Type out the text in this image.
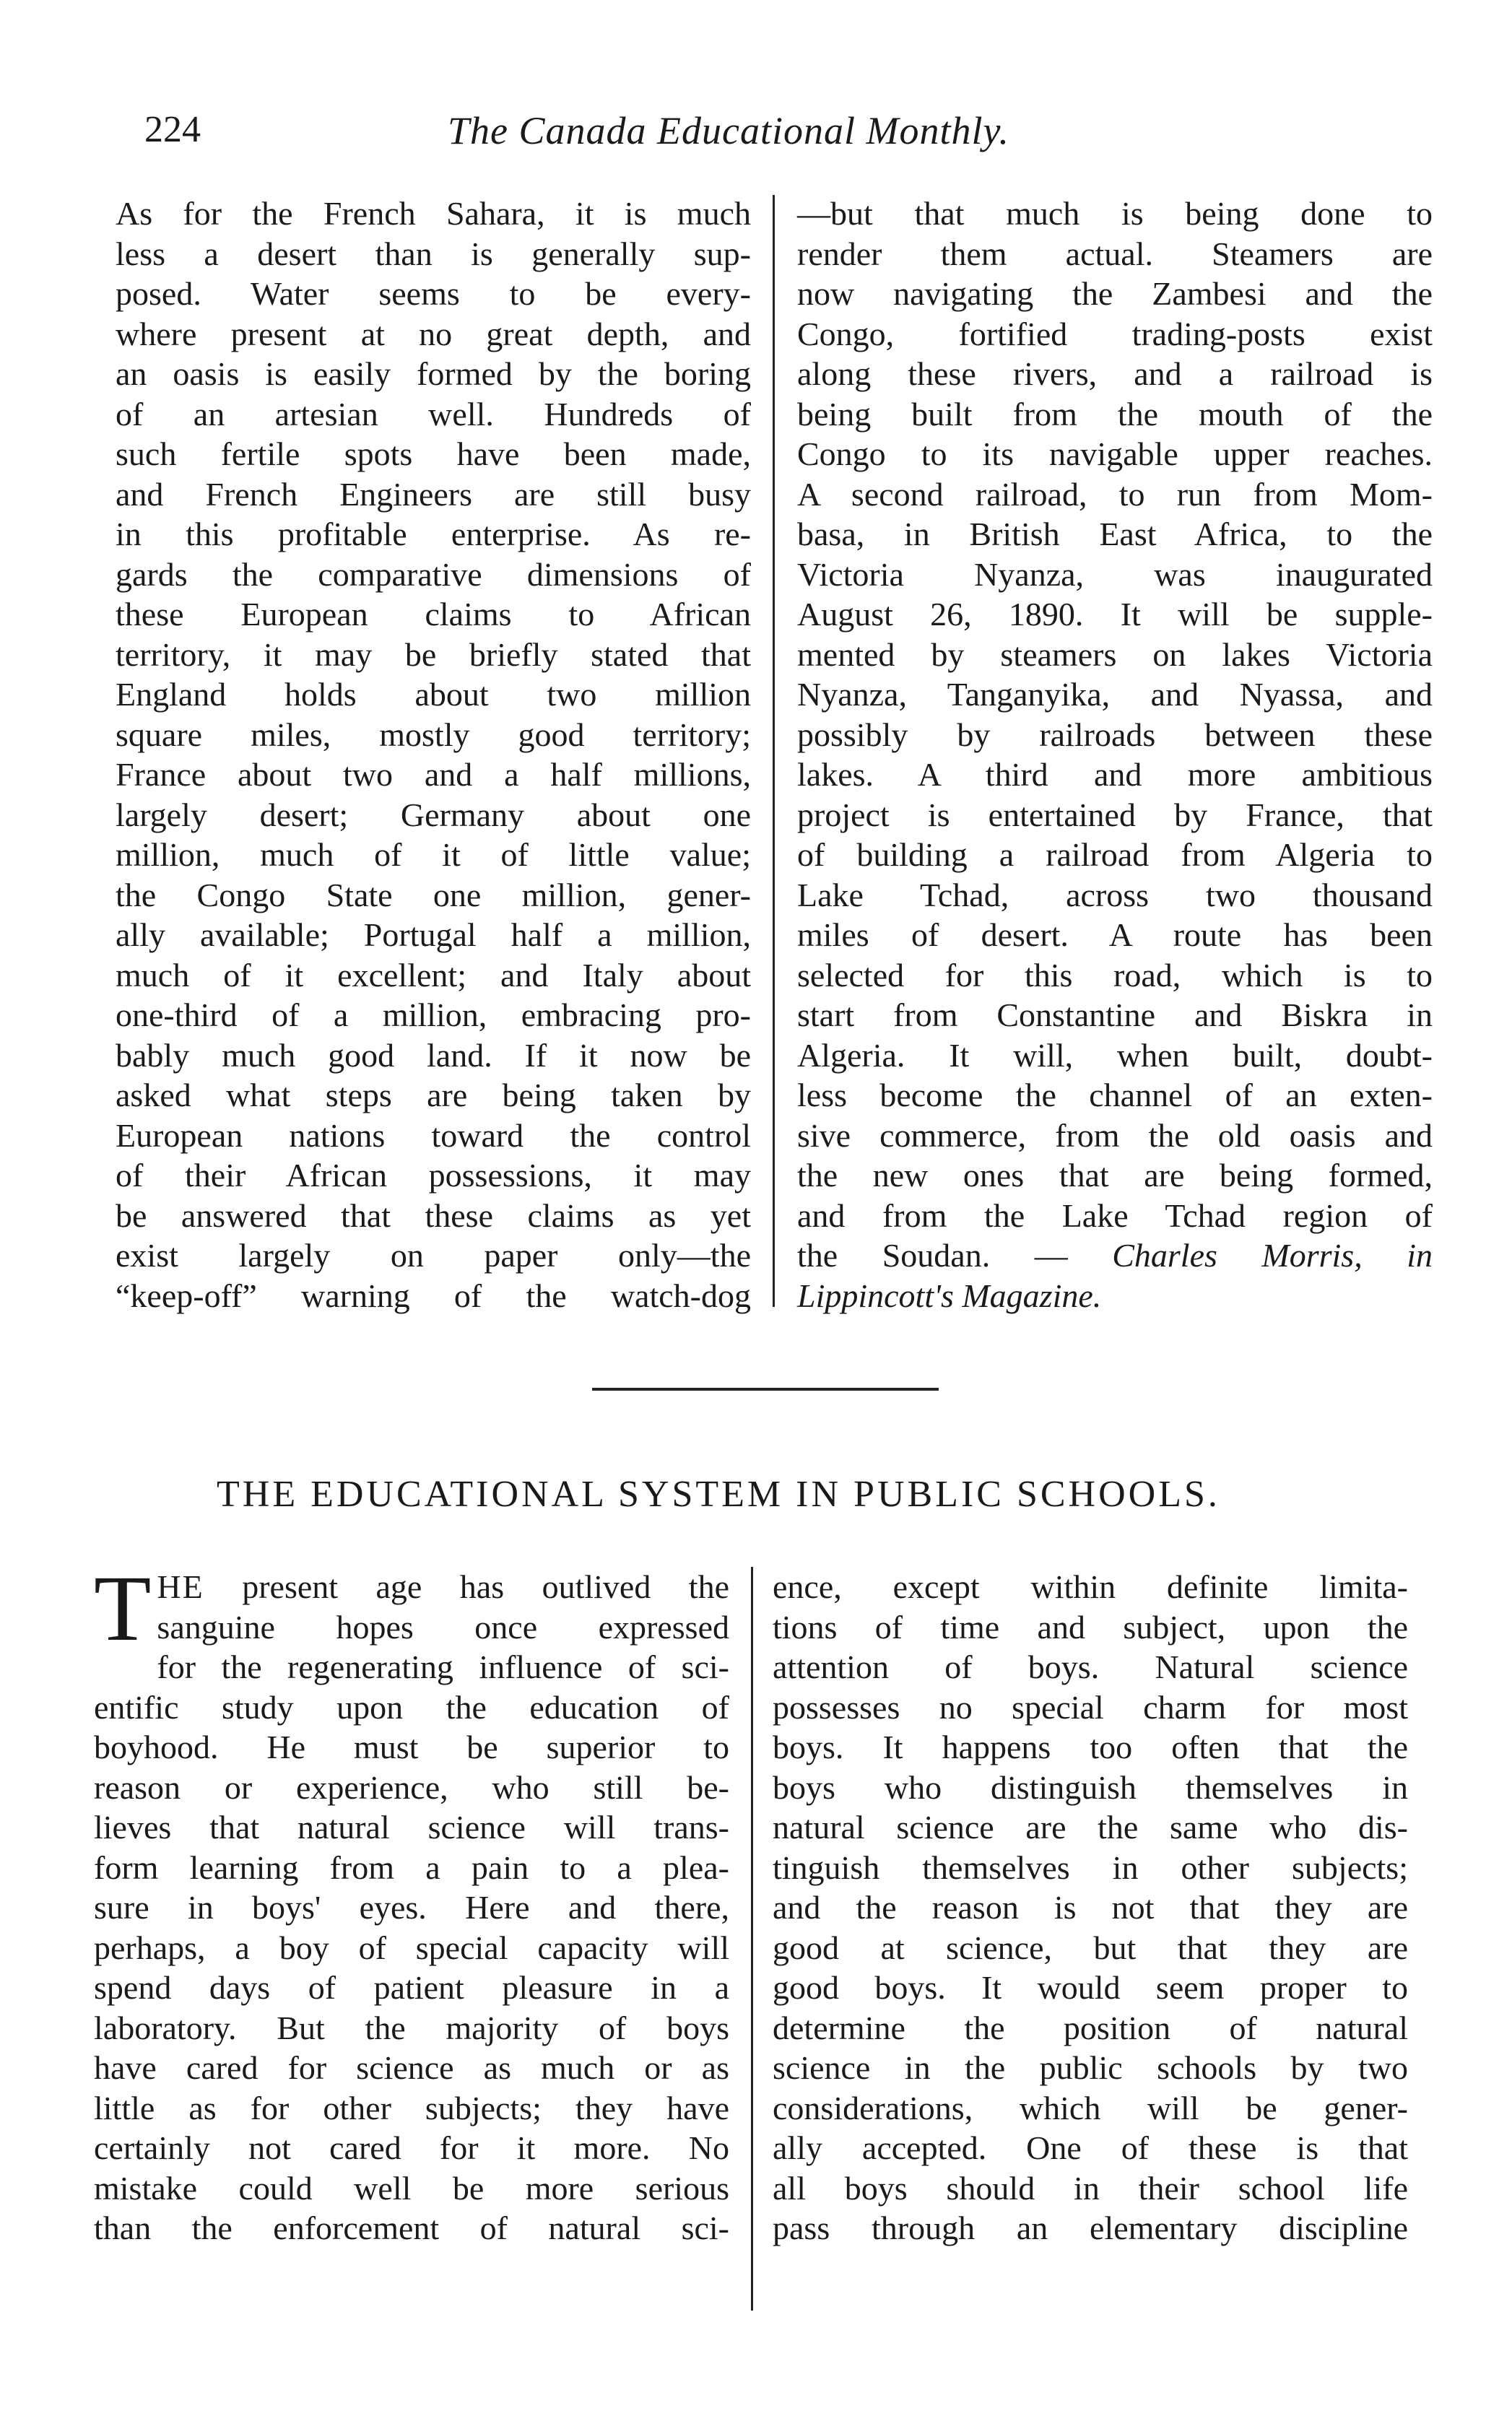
224	The Canada Educational Monthly.

As for the French Sahara, it is much
less a desert than is generally sup-
posed. Water seems to be every-
where present at no great depth, and
an oasis is easily formed by the boring
of an artesian well. Hundreds of
such fertile spots have been made,
and French Engineers are still busy
in this profitable enterprise. As re-
gards the comparative dimensions of
these European claims to African
territory, it may be briefly stated that
England holds about two million
square miles, mostly good territory;
France about two and a half millions,
largely desert; Germany about one
million, much of it of little value;
the Congo State one million, gener-
ally available; Portugal half a million,
much of it excellent; and Italy about
one-third of a million, embracing pro-
bably much good land. If it now be
asked what steps are being taken by
European nations toward the control
of their African possessions, it may
be answered that these claims as yet
exist largely on paper only—the
“keep-off” warning of the watch-dog

—but that much is being done to
render them actual. Steamers are
now navigating the Zambesi and the
Congo, fortified trading-posts exist
along these rivers, and a railroad is
being built from the mouth of the
Congo to its navigable upper reaches.
A second railroad, to run from Mom-
basa, in British East Africa, to the
Victoria Nyanza, was inaugurated
August 26, 1890. It will be supple-
mented by steamers on lakes Victoria
Nyanza, Tanganyika, and Nyassa, and
possibly by railroads between these
lakes. A third and more ambitious
project is entertained by France, that
of building a railroad from Algeria to
Lake Tchad, across two thousand
miles of desert. A route has been
selected for this road, which is to
start from Constantine and Biskra in
Algeria. It will, when built, doubt-
less become the channel of an exten-
sive commerce, from the old oasis and
the new ones that are being formed,
and from the Lake Tchad region of

the Soudan. — Charles Morris, in
Lippincott's Magazine.

THE EDUCATIONAL SYSTEM IN PUBLIC SCHOOLS.

T HE present age has outlived the
sanguine hopes once expressed
for the regenerating influence of sci-
entific study upon the education of
boyhood. He must be superior to
reason or experience, who still be-
lieves that natural science will trans-
form learning from a pain to a plea-
sure in boys' eyes. Here and there,
perhaps, a boy of special capacity will
spend days of patient pleasure in a
laboratory. But the majority of boys
have cared for science as much or as
little as for other subjects; they have
certainly not cared for it more. No
mistake could well be more serious
than the enforcement of natural sci-

ence, except within definite limita-
tions of time and subject, upon the
attention of boys. Natural science
possesses no special charm for most
boys. It happens too often that the
boys who distinguish themselves in
natural science are the same who dis-
tinguish themselves in other subjects;
and the reason is not that they are
good at science, but that they are
good boys. It would seem proper to
determine the position of natural
science in the public schools by two
considerations, which will be gener-
ally accepted. One of these is that
all boys should in their school life
pass through an elementary discipline
